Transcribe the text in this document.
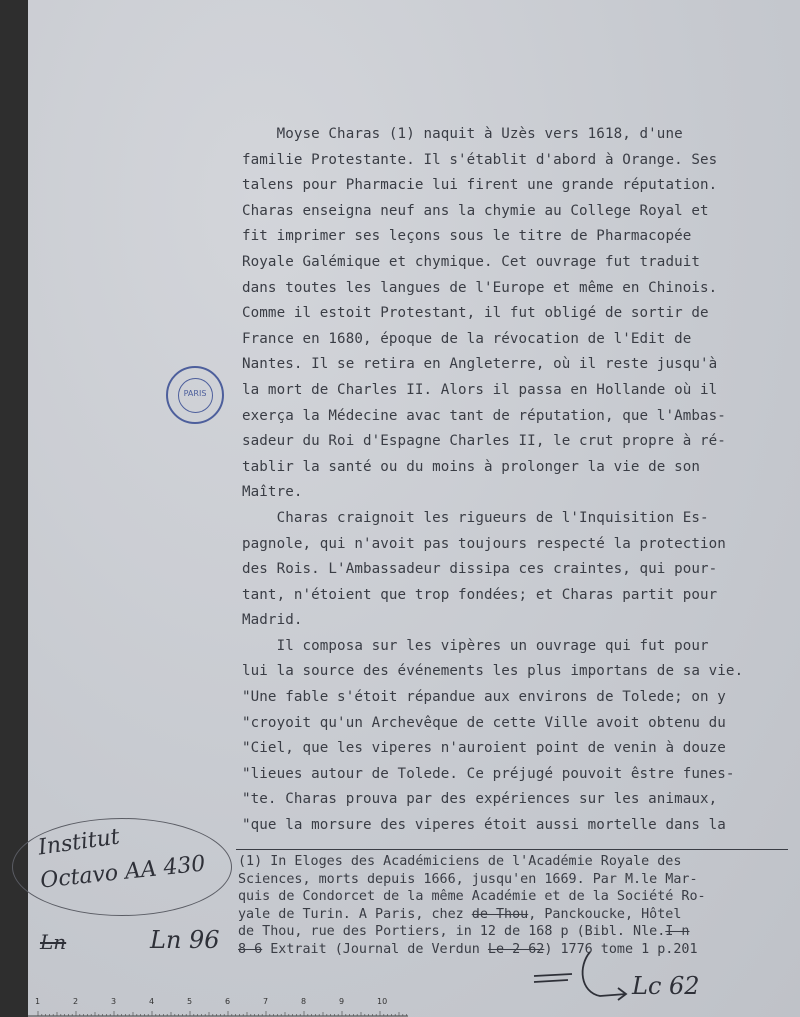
Moyse Charas (1) naquit à Uzès vers 1618, d'une
familie Protestante. Il s'établit d'abord à Orange. Ses
talens pour Pharmacie lui firent une grande réputation.
Charas enseigna neuf ans la chymie au College Royal et
fit imprimer ses leçons sous le titre de Pharmacopée
Royale Galémique et chymique. Cet ouvrage fut traduit
dans toutes les langues de l'Europe et même en Chinois.
Comme il estoit Protestant, il fut obligé de sortir de
France en 1680, époque de la révocation de l'Edit de
Nantes. Il se retira en Angleterre, où il reste jusqu'à
la mort de Charles II. Alors il passa en Hollande où il
exerça la Médecine avac tant de réputation, que l'Ambas-
sadeur du Roi d'Espagne Charles II, le crut propre à ré-
tablir la santé ou du moins à prolonger la vie de son
Maître.
Charas craignoit les rigueurs de l'Inquisition Es-
pagnole, qui n'avoit pas toujours respecté la protection
des Rois. L'Ambassadeur dissipa ces craintes, qui pour-
tant, n'étoient que trop fondées; et Charas partit pour
Madrid.
Il composa sur les vipères un ouvrage qui fut pour
lui la source des événements les plus importans de sa vie.
"Une fable s'étoit répandue aux environs de Tolede; on y
"croyoit qu'un Archevêque de cette Ville avoit obtenu du
"Ciel, que les viperes n'auroient point de venin à douze
"lieues autour de Tolede. Ce préjugé pouvoit êstre funes-
"te. Charas prouva par des expériences sur les animaux,
"que la morsure des viperes étoit aussi mortelle dans la
(1) In Eloges des Académiciens de l'Académie Royale des
Sciences, morts depuis 1666, jusqu'en 1669. Par M.le Mar-
quis de Condorcet de la même Académie et de la Société Ro-
yale de Turin. A Paris, chez de Thou, Panckoucke, Hôtel
de Thou, rue des Portiers, in 12 de 168 p (Bibl. Nle.I n
8 6 Extrait (Journal de Verdun Le 2 62) 1776 tome 1 p.201
PARIS
Institut
Octavo AA 430
Ln 96
Ln
Lc 62
1	2	3	4	5	6	7	8	9	10
